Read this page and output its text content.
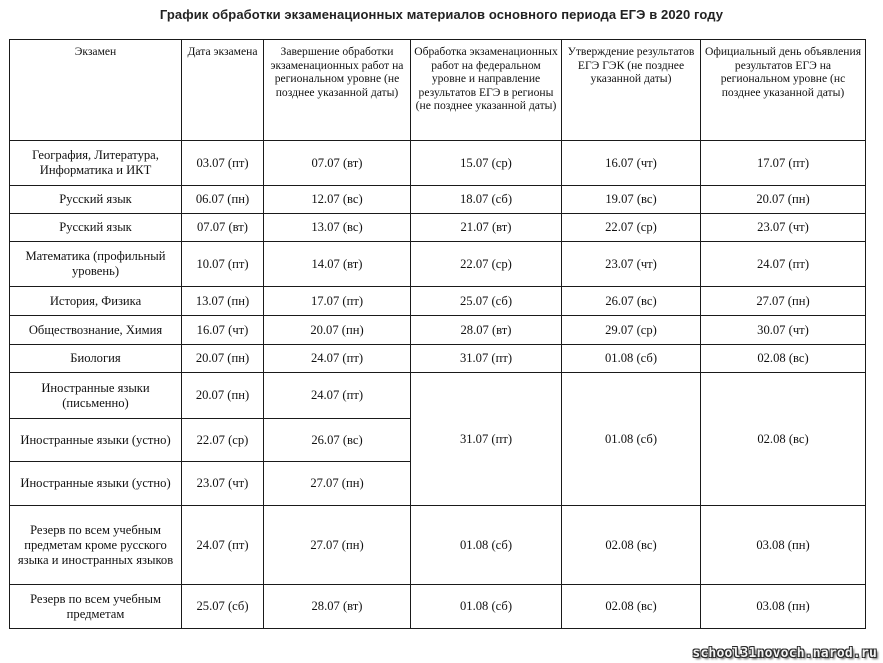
График обработки экзаменационных материалов основного периода ЕГЭ в 2020 году
Экзамен	Дата экзамена	Завершение обработки экзаменационных работ на региональном уровне (не позднее указанной даты)	Обработка экзаменационных работ на федеральном уровне и направление результатов ЕГЭ в регионы (не позднее указанной даты)	Утверждение результатов ЕГЭ ГЭК (не позднее указанной даты)	Официальный день объявления результатов ЕГЭ на региональном уровне (нс позднее указанной даты)
География, Литература, Информатика и ИКТ	03.07 (пт)	07.07 (вт)	15.07 (ср)	16.07 (чт)	17.07 (пт)
Русский язык	06.07 (пн)	12.07 (вс)	18.07 (сб)	19.07 (вс)	20.07 (пн)
Русский язык	07.07 (вт)	13.07 (вс)	21.07 (вт)	22.07 (ср)	23.07 (чт)
Математика (профильный уровень)	10.07 (пт)	14.07 (вт)	22.07 (ср)	23.07 (чт)	24.07 (пт)
История, Физика	13.07 (пн)	17.07 (пт)	25.07 (сб)	26.07 (вс)	27.07 (пн)
Обществознание, Химия	16.07 (чт)	20.07 (пн)	28.07 (вт)	29.07 (ср)	30.07 (чт)
Биология	20.07 (пн)	24.07 (пт)	31.07 (пт)	01.08 (сб)	02.08 (вс)
Иностранные языки (письменно)	20.07 (пн)	24.07 (пт)	31.07 (пт)	01.08 (сб)	02.08 (вс)
Иностранные языки (устно)	22.07 (ср)	26.07 (вс)			
Иностранные языки (устно)	23.07 (чт)	27.07 (пн)			
Резерв по всем учебным предметам кроме русского языка и иностранных языков	24.07 (пт)	27.07 (пн)	01.08 (сб)	02.08 (вс)	03.08 (пн)
Резерв по всем учебным предметам	25.07 (сб)	28.07 (вт)	01.08 (сб)	02.08 (вс)	03.08 (пн)
school31novoch.narod.ru
